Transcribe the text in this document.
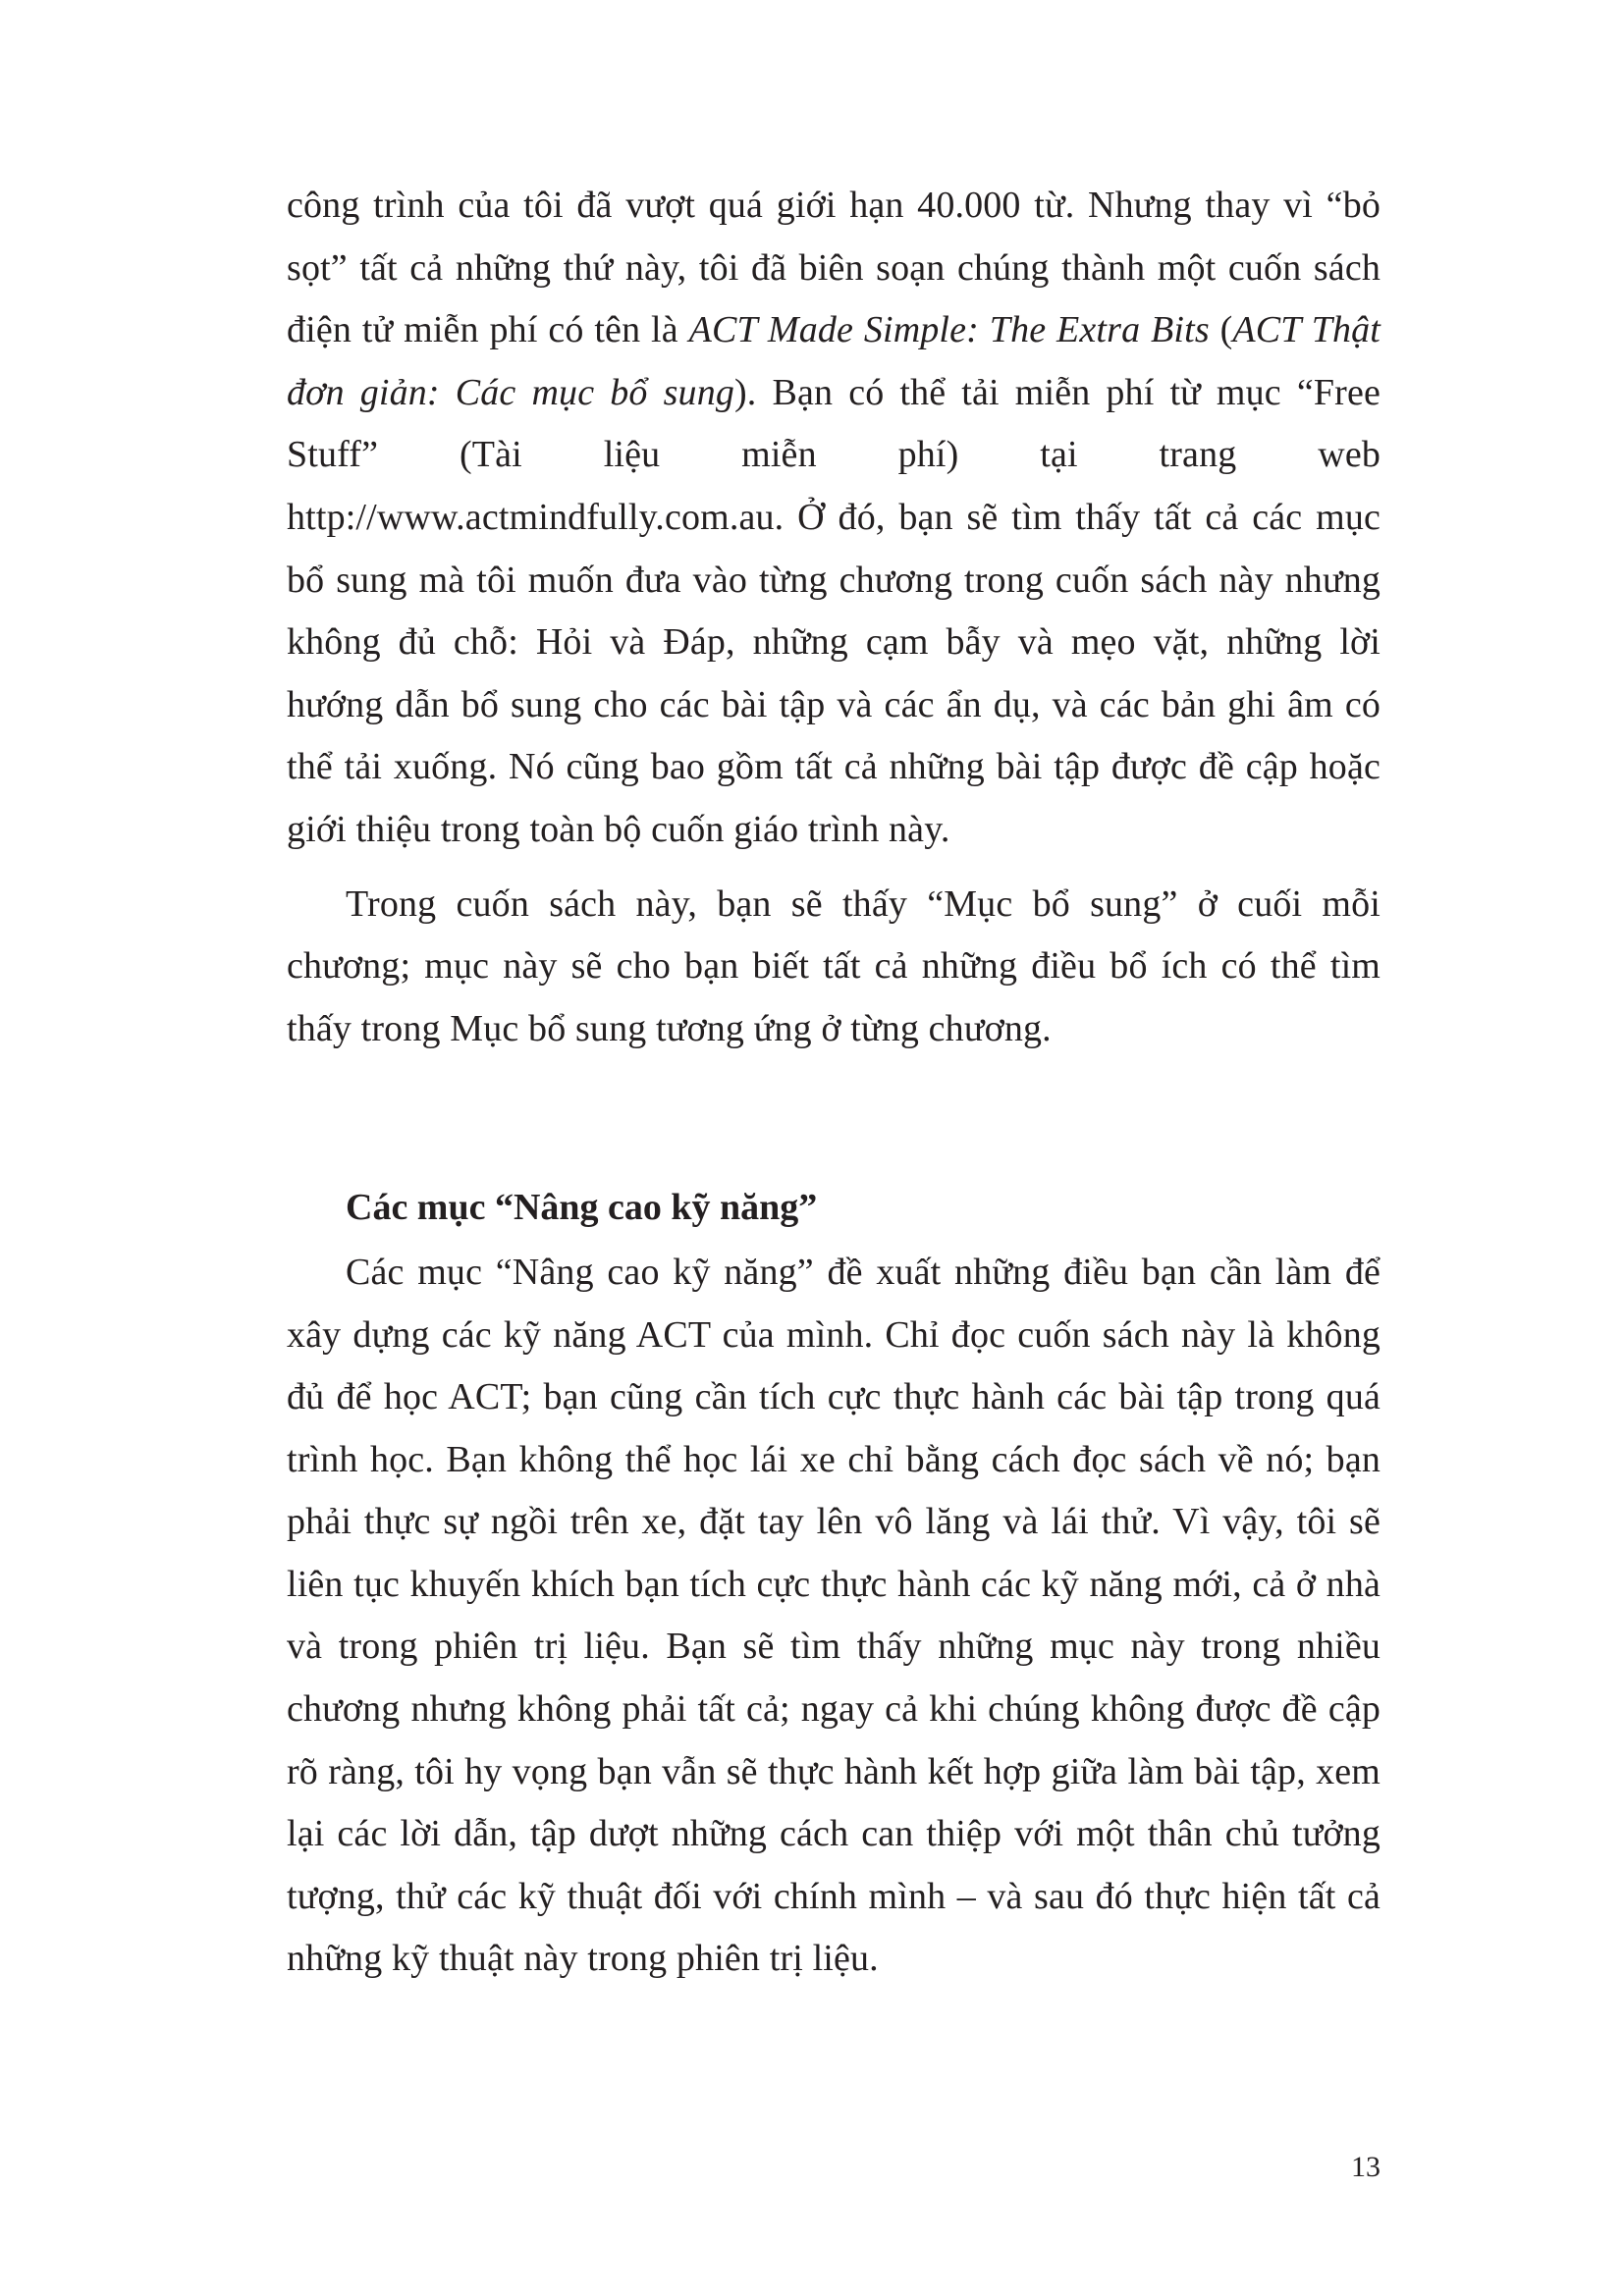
công trình của tôi đã vượt quá giới hạn 40.000 từ. Nhưng thay vì “bỏ sọt” tất cả những thứ này, tôi đã biên soạn chúng thành một cuốn sách điện tử miễn phí có tên là ACT Made Simple: The Extra Bits (ACT Thật đơn giản: Các mục bổ sung). Bạn có thể tải miễn phí từ mục “Free Stuff” (Tài liệu miễn phí) tại trang web http://www.actmindfully.com.au. Ở đó, bạn sẽ tìm thấy tất cả các mục bổ sung mà tôi muốn đưa vào từng chương trong cuốn sách này nhưng không đủ chỗ: Hỏi và Đáp, những cạm bẫy và mẹo vặt, những lời hướng dẫn bổ sung cho các bài tập và các ẩn dụ, và các bản ghi âm có thể tải xuống. Nó cũng bao gồm tất cả những bài tập được đề cập hoặc giới thiệu trong toàn bộ cuốn giáo trình này.

Trong cuốn sách này, bạn sẽ thấy “Mục bổ sung” ở cuối mỗi chương; mục này sẽ cho bạn biết tất cả những điều bổ ích có thể tìm thấy trong Mục bổ sung tương ứng ở từng chương.

Các mục “Nâng cao kỹ năng”

Các mục “Nâng cao kỹ năng” đề xuất những điều bạn cần làm để xây dựng các kỹ năng ACT của mình. Chỉ đọc cuốn sách này là không đủ để học ACT; bạn cũng cần tích cực thực hành các bài tập trong quá trình học. Bạn không thể học lái xe chỉ bằng cách đọc sách về nó; bạn phải thực sự ngồi trên xe, đặt tay lên vô lăng và lái thử. Vì vậy, tôi sẽ liên tục khuyến khích bạn tích cực thực hành các kỹ năng mới, cả ở nhà và trong phiên trị liệu. Bạn sẽ tìm thấy những mục này trong nhiều chương nhưng không phải tất cả; ngay cả khi chúng không được đề cập rõ ràng, tôi hy vọng bạn vẫn sẽ thực hành kết hợp giữa làm bài tập, xem lại các lời dẫn, tập dượt những cách can thiệp với một thân chủ tưởng tượng, thử các kỹ thuật đối với chính mình – và sau đó thực hiện tất cả những kỹ thuật này trong phiên trị liệu.

13
